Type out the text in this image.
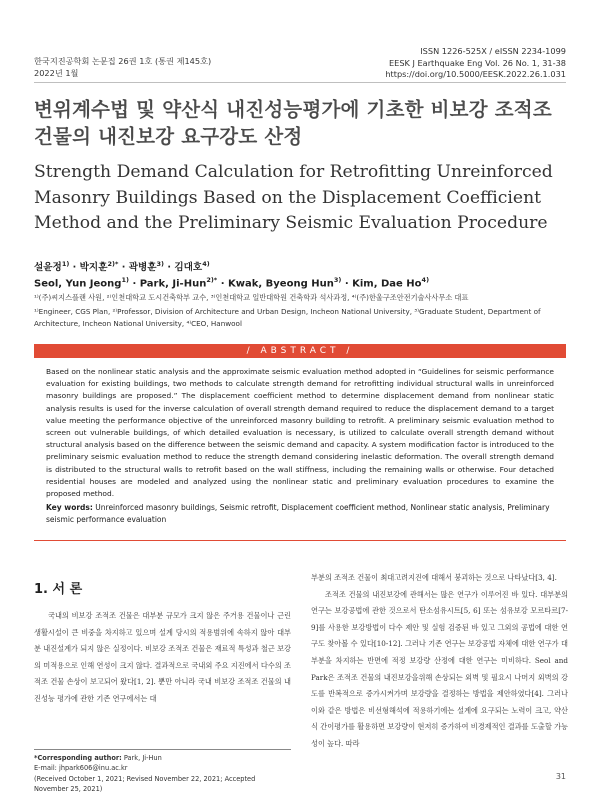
한국지진공학회 논문집 26권 1호 (통권 제145호)
2022년 1월
ISSN 1226-525X / eISSN 2234-1099
EESK J Earthquake Eng Vol. 26 No. 1, 31-38
https://doi.org/10.5000/EESK.2022.26.1.031
변위계수법 및 약산식 내진성능평가에 기초한 비보강 조적조 건물의 내진보강 요구강도 산정
Strength Demand Calculation for Retrofitting Unreinforced Masonry Buildings Based on the Displacement Coefficient Method and the Preliminary Seismic Evaluation Procedure
설윤정$^{1)}$ · 박지훈$^{2)*}$ · 곽병훈$^{3)}$ · 김대호$^{4)}$
Seol, Yun Jeong$^{1)}$ · Park, Ji-Hun$^{2)*}$ · Kwak, Byeong Hun$^{3)}$ · Kim, Dae Ho$^{4)}$
¹⁾(주)씨지스플랜 사원, ²⁾인천대학교 도시건축학부 교수, ³⁾인천대학교 일반대학원 건축학과 석사과정, ⁴⁾(주)한울구조안전기술사사무소 대표
¹⁾Engineer, CGS Plan, ²⁾Professor, Division of Architecture and Urban Design, Incheon National University, ³⁾Graduate Student, Department of Architecture, Incheon National University, ⁴⁾CEO, Hanwool
/ ABSTRACT /

Based on the nonlinear static analysis and the approximate seismic evaluation method adopted in “Guidelines for seismic performance evaluation for existing buildings, two methods to calculate strength demand for retrofitting individual structural walls in unreinforced masonry buildings are proposed.” The displacement coefficient method to determine displacement demand from nonlinear static analysis results is used for the inverse calculation of overall strength demand required to reduce the displacement demand to a target value meeting the performance objective of the unreinforced masonry building to retrofit. A preliminary seismic evaluation method to screen out vulnerable buildings, of which detailed evaluation is necessary, is utilized to calculate overall strength demand without structural analysis based on the difference between the seismic demand and capacity. A system modification factor is introduced to the preliminary seismic evaluation method to reduce the strength demand considering inelastic deformation. The overall strength demand is distributed to the structural walls to retrofit based on the wall stiffness, including the remaining walls or otherwise. Four detached residential houses are modeled and analyzed using the nonlinear static and preliminary evaluation procedures to examine the proposed method.

Key words: Unreinforced masonry buildings, Seismic retrofit, Displacement coefficient method, Nonlinear static analysis, Preliminary seismic performance evaluation
1. 서 론

국내의 비보강 조적조 건물은 대부분 규모가 크지 않은 주거용 건물이나 근린생활시설이 큰 비중을 차지하고 있으며 설계 당시의 적용범위에 속하지 않아 대부분 내진설계가 되지 않은 실정이다. 비보강 조적조 건물은 재료적 특성과 철근 보강의 미적용으로 인해 연성이 크지 않다. 결과적으로 국내외 주요 지진에서 다수의 조적조 건물 손상이 보고되어 왔다[1, 2]. 뿐만 아니라 국내 비보강 조적조 건물의 내진성능 평가에 관한 기존 연구에서는 대

부분의 조적조 건물이 최대고려지진에 대해서 붕괴하는 것으로 나타났다[3, 4].

조적조 건물의 내진보강에 관해서는 많은 연구가 이루어진 바 있다. 대부분의 연구는 보강공법에 관한 것으로서 탄소섬유시트[5, 6] 또는 섬유보강 모르타르[7-9]를 사용한 보강방법이 다수 제안 및 실험 검증된 바 있고 그외의 공법에 대한 연구도 찾아볼 수 있다[10-12]. 그러나 기존 연구는 보강공법 자체에 대한 연구가 대부분을 차지하는 반면에 적정 보강량 산정에 대한 연구는 미비하다. Seol and Park은 조적조 건물의 내진보강을위해 손상되는 외벽 및 필요시 나머지 외벽의 강도를 반복적으로 증가시켜가며 보강량을 결정하는 방법을 제안하였다[4]. 그러나 이와 같은 방법은 비선형해석에 적용하기에는 설계에 요구되는 노력이 크고, 약산식 간이평가를 활용하면 보강량이 현저히 증가하여 비경제적인 결과를 도출할 가능성이 높다. 따라

*Corresponding author: Park, Ji-Hun
E-mail: jhpark606@inu.ac.kr
(Received October 1, 2021; Revised November 22, 2021; Accepted November 25, 2021)
31
